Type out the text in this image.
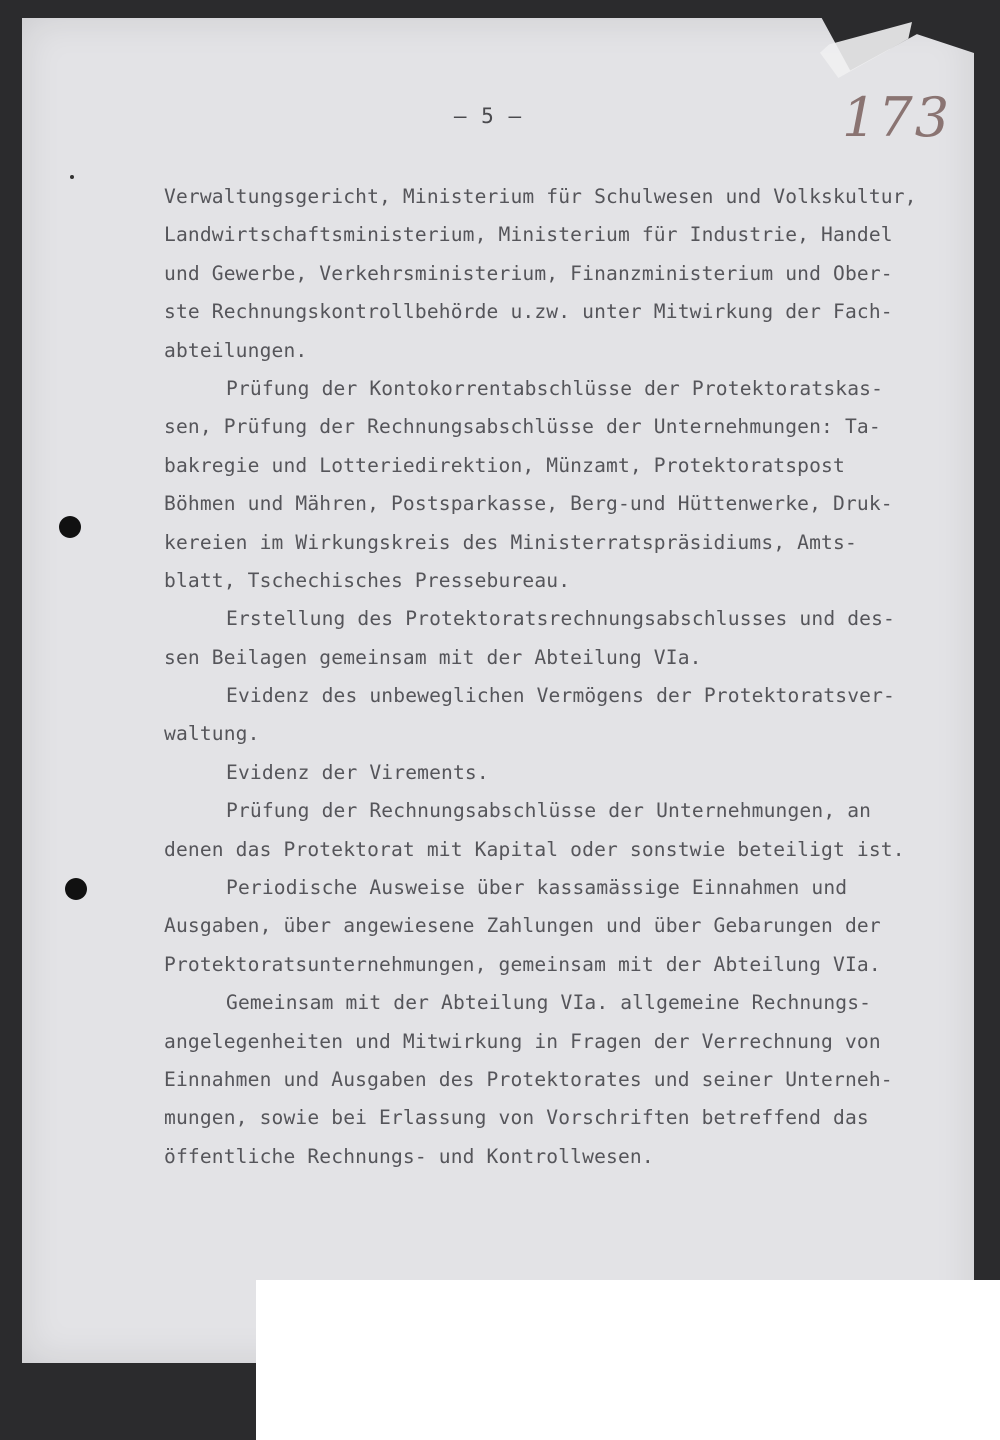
– 5 –	173
Verwaltungsgericht, Ministerium für Schulwesen und Volkskultur,
Landwirtschaftsministerium, Ministerium für Industrie, Handel
und Gewerbe, Verkehrsministerium, Finanzministerium und Ober-
ste Rechnungskontrollbehörde u.zw. unter Mitwirkung der Fach-
abteilungen.
Prüfung der Kontokorrentabschlüsse der Protektoratskas-
sen, Prüfung der Rechnungsabschlüsse der Unternehmungen: Ta-
bakregie und Lotteriedirektion, Münzamt, Protektoratspost
Böhmen und Mähren, Postsparkasse, Berg-und Hüttenwerke, Druk-
kereien im Wirkungskreis des Ministerratspräsidiums, Amts-
blatt, Tschechisches Pressebureau.
Erstellung des Protektoratsrechnungsabschlusses und des-
sen Beilagen gemeinsam mit der Abteilung VIa.
Evidenz des unbeweglichen Vermögens der Protektoratsver-
waltung.
Evidenz der Virements.
Prüfung der Rechnungsabschlüsse der Unternehmungen, an
denen das Protektorat mit Kapital oder sonstwie beteiligt ist.
Periodische Ausweise über kassamässige Einnahmen und
Ausgaben, über angewiesene Zahlungen und über Gebarungen der
Protektoratsunternehmungen, gemeinsam mit der Abteilung VIa.
Gemeinsam mit der Abteilung VIa. allgemeine Rechnungs-
angelegenheiten und Mitwirkung in Fragen der Verrechnung von
Einnahmen und Ausgaben des Protektorates und seiner Unterneh-
mungen, sowie bei Erlassung von Vorschriften betreffend das
öffentliche Rechnungs- und Kontrollwesen.
